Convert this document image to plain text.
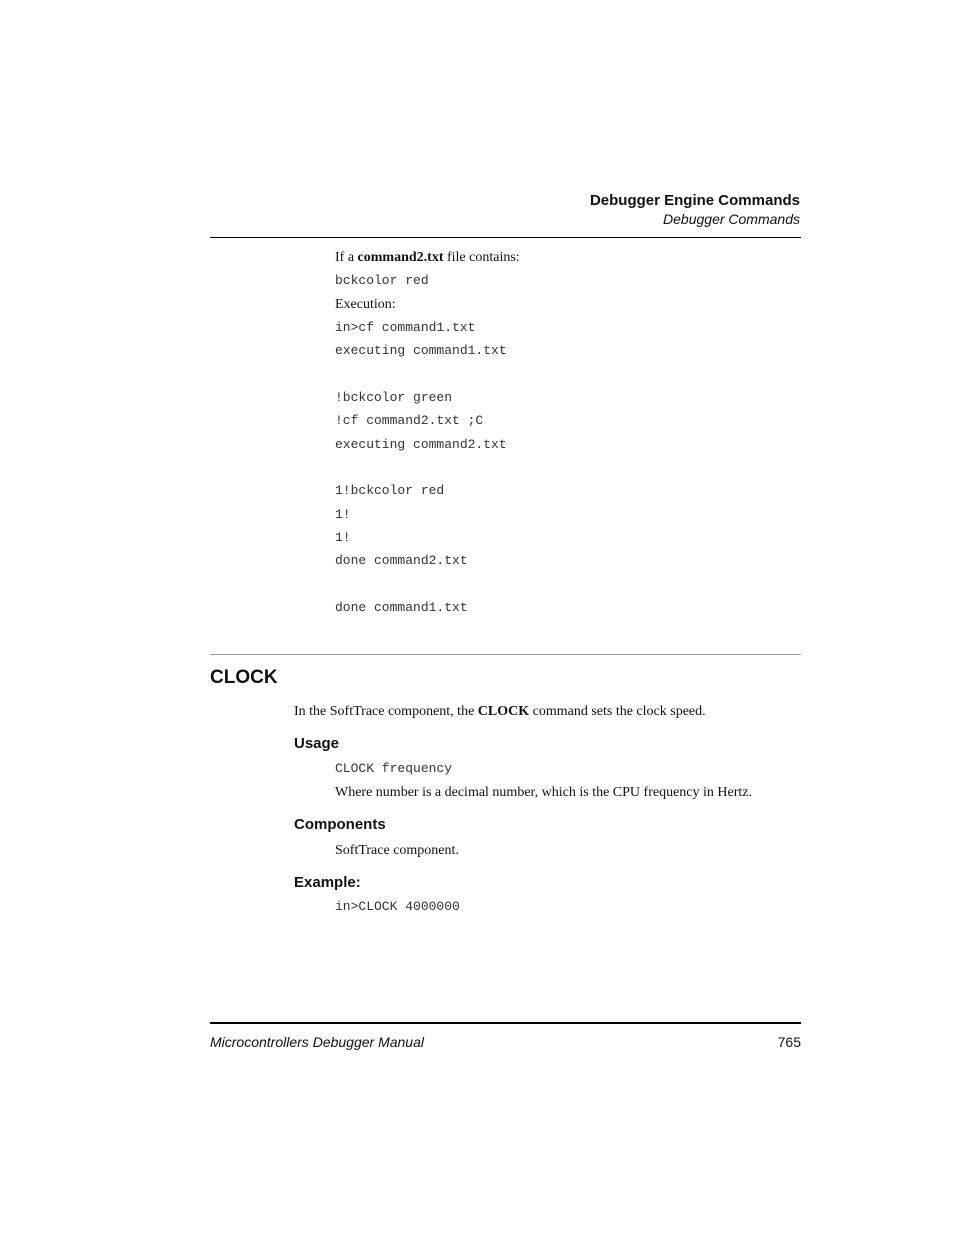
Debugger Engine Commands
Debugger Commands
If a command2.txt file contains:
bckcolor red
Execution:
in>cf command1.txt
executing command1.txt
!bckcolor green
!cf command2.txt ;C
executing command2.txt
1!bckcolor red
1!
1!
done command2.txt
done command1.txt
CLOCK
In the SoftTrace component, the CLOCK command sets the clock speed.
Usage
CLOCK frequency
Where number is a decimal number, which is the CPU frequency in Hertz.
Components
SoftTrace component.
Example:
in>CLOCK 4000000
Microcontrollers Debugger Manual	765
